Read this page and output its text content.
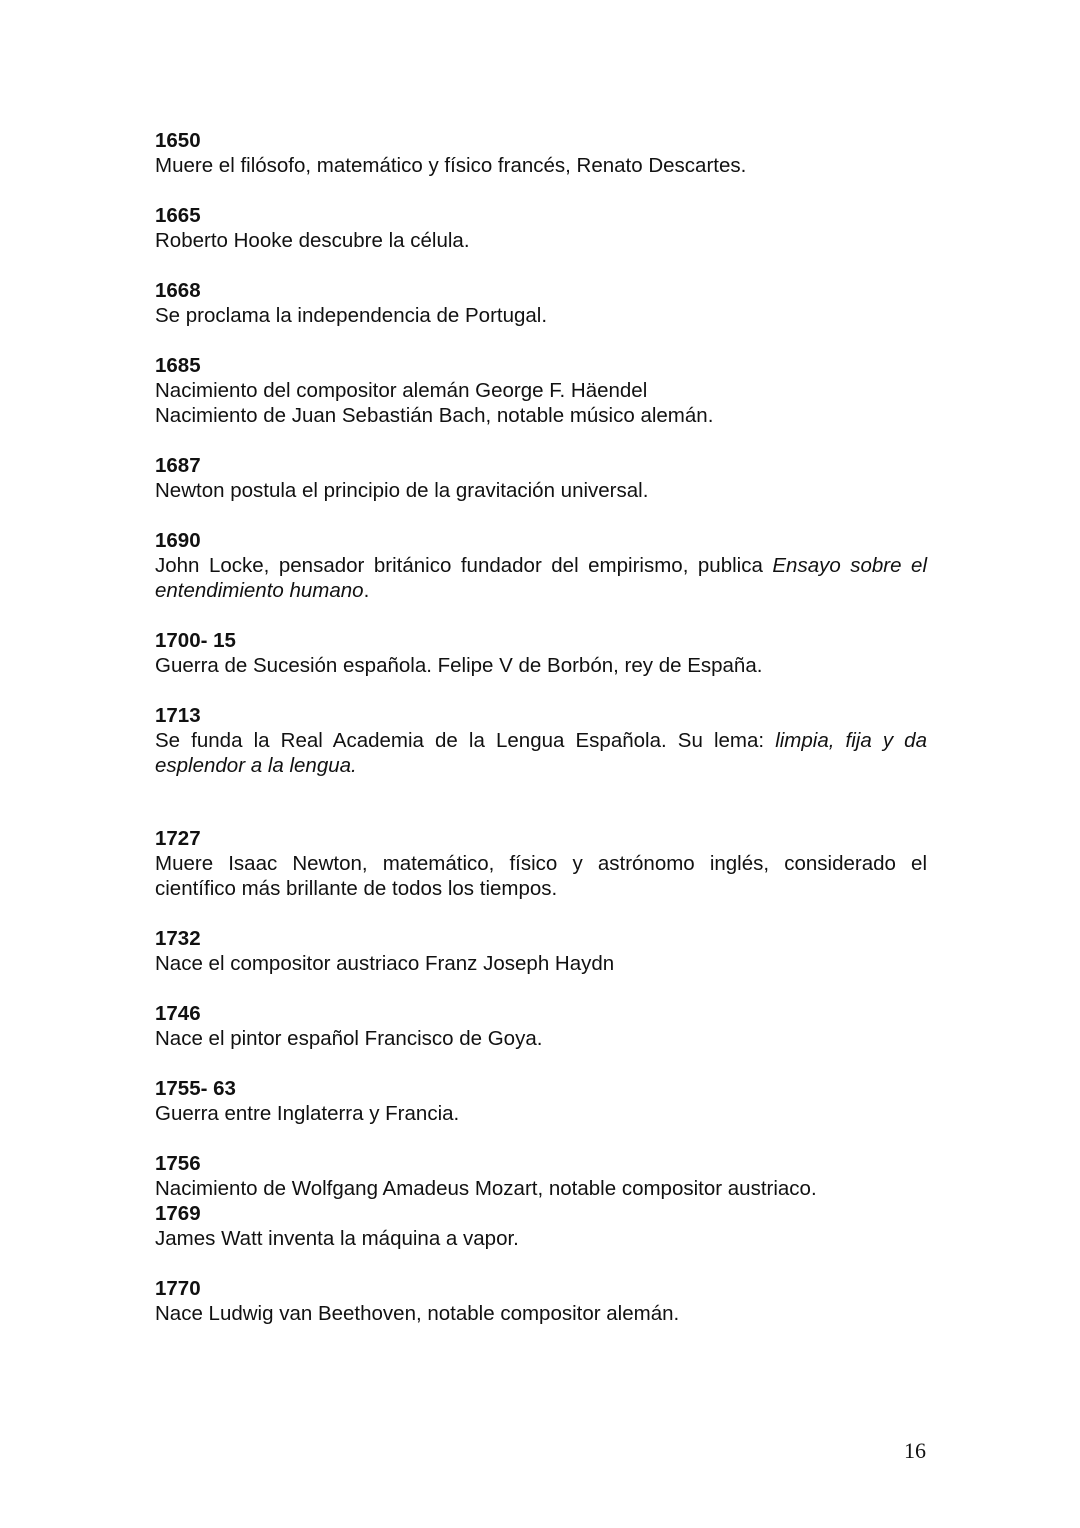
1650
Muere el filósofo, matemático y físico francés, Renato Descartes.
1665
Roberto Hooke descubre la célula.
1668
Se proclama la independencia de Portugal.
1685
Nacimiento del compositor alemán George F. Häendel
Nacimiento de Juan Sebastián Bach, notable músico alemán.
1687
Newton postula el principio de la gravitación universal.
1690
John Locke, pensador británico fundador del empirismo, publica Ensayo sobre el entendimiento humano.
1700- 15
Guerra de Sucesión española. Felipe V de Borbón, rey de España.
1713
Se funda la Real Academia de la Lengua Española. Su lema: limpia, fija y da esplendor a la lengua.
1727
Muere Isaac Newton, matemático, físico y astrónomo inglés, considerado el científico más brillante de todos los tiempos.
1732
Nace el compositor austriaco Franz Joseph Haydn
1746
Nace el pintor español Francisco de Goya.
1755- 63
Guerra entre Inglaterra y Francia.
1756
Nacimiento de Wolfgang Amadeus Mozart, notable compositor austriaco.
1769
James Watt inventa la máquina a vapor.
1770
Nace Ludwig van Beethoven, notable compositor alemán.
16
